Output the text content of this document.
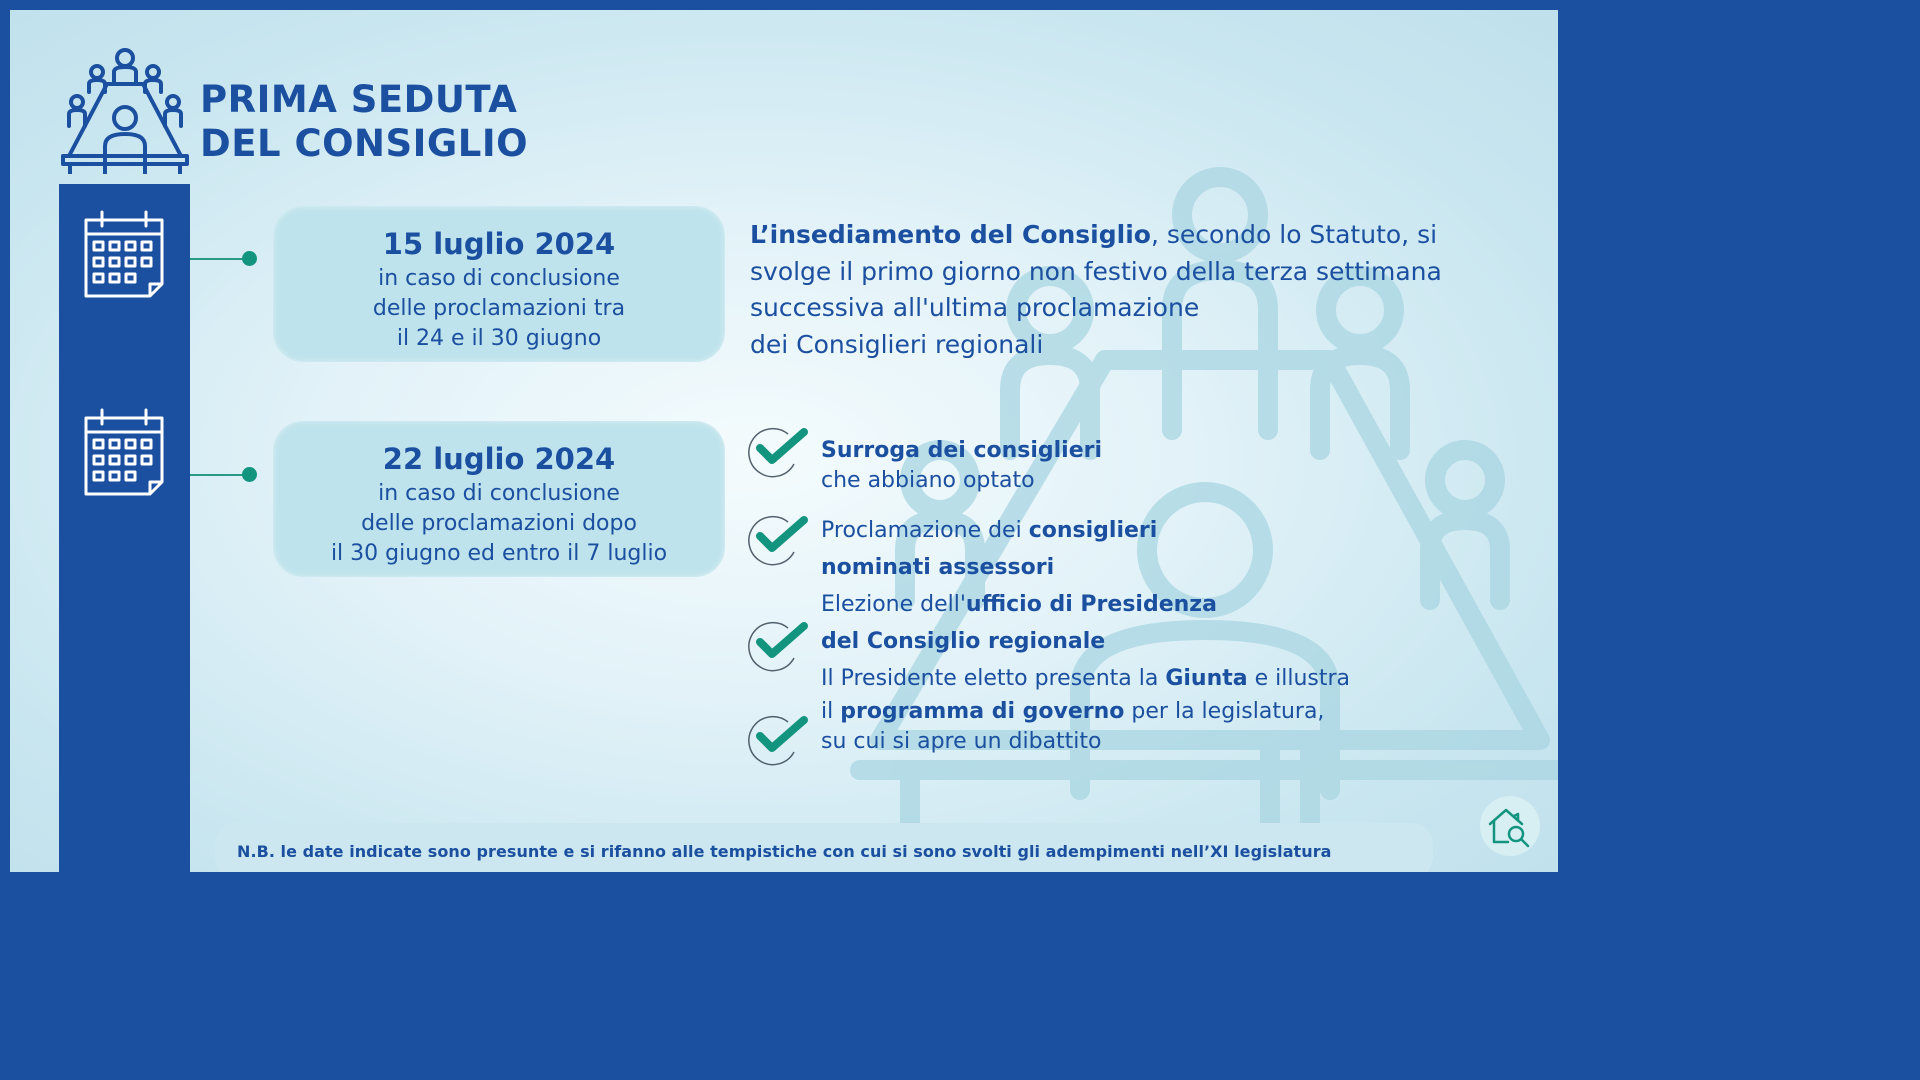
PRIMA SEDUTA
DEL CONSIGLIO
15 luglio 2024
in caso di conclusione
delle proclamazioni tra
il 24 e il 30 giugno
22 luglio 2024
in caso di conclusione
delle proclamazioni dopo
il 30 giugno ed entro il 7 luglio

L’insediamento del Consiglio, secondo lo Statuto, si
svolge il primo giorno non festivo della terza settimana
successiva all'ultima proclamazione
dei Consiglieri regionali

Surroga dei consiglieri
che abbiano optato
Proclamazione dei consiglieri
nominati assessori
Elezione dell'ufficio di Presidenza
del Consiglio regionale
Il Presidente eletto presenta la Giunta e illustra
il programma di governo per la legislatura,
su cui si apre un dibattito
N.B. le date indicate sono presunte e si rifanno alle tempistiche con cui si sono svolti gli adempimenti nell’XI legislatura
